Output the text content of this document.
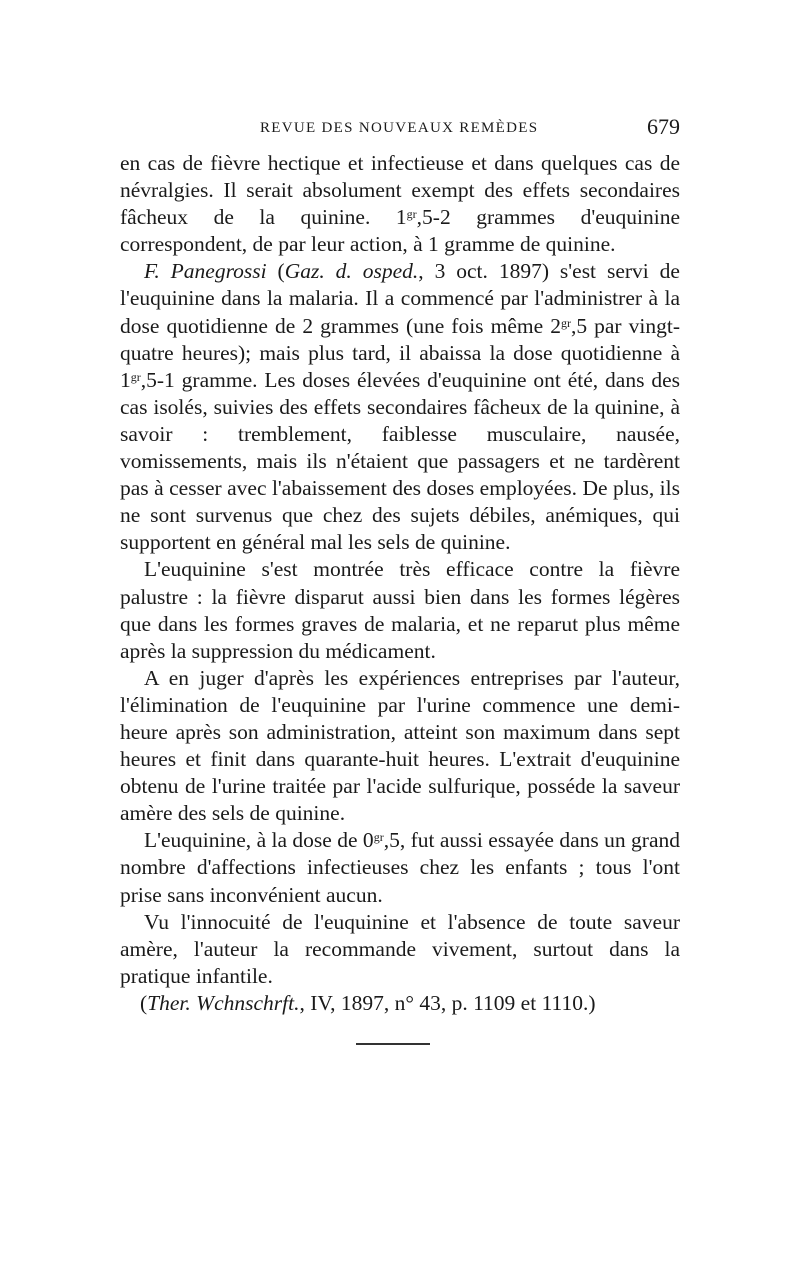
REVUE DES NOUVEAUX REMÈDES	679

en cas de fièvre hectique et infectieuse et dans quelques cas de névralgies. Il serait absolument exempt des effets secondaires fâcheux de la quinine. $1^{gr},5-2$ grammes d'euquinine correspondent, de par leur action, à 1 gramme de quinine.

F. Panegrossi (Gaz. d. osped., 3 oct. 1897) s'est servi de l'euquinine dans la malaria. Il a commencé par l'administrer à la dose quotidienne de 2 grammes (une fois même $2^{gr},5$ par vingt-quatre heures); mais plus tard, il abaissa la dose quotidienne à $1^{gr},5-1$ gramme. Les doses élevées d'euquinine ont été, dans des cas isolés, suivies des effets secondaires fâcheux de la quinine, à savoir : tremblement, faiblesse musculaire, nausée, vomissements, mais ils n'étaient que passagers et ne tardèrent pas à cesser avec l'abaissement des doses employées. De plus, ils ne sont survenus que chez des sujets débiles, anémiques, qui supportent en général mal les sels de quinine.

L'euquinine s'est montrée très efficace contre la fièvre palustre : la fièvre disparut aussi bien dans les formes légères que dans les formes graves de malaria, et ne reparut plus même après la suppression du médicament.

A en juger d'après les expériences entreprises par l'auteur, l'élimination de l'euquinine par l'urine commence une demi-heure après son administration, atteint son maximum dans sept heures et finit dans quarante-huit heures. L'extrait d'euquinine obtenu de l'urine traitée par l'acide sulfurique, posséde la saveur amère des sels de quinine.

L'euquinine, à la dose de $0^{gr},5$, fut aussi essayée dans un grand nombre d'affections infectieuses chez les enfants ; tous l'ont prise sans inconvénient aucun.

Vu l'innocuité de l'euquinine et l'absence de toute saveur amère, l'auteur la recommande vivement, surtout dans la pratique infantile.

(Ther. Wchnschrft., IV, 1897, n° 43, p. 1109 et 1110.)
